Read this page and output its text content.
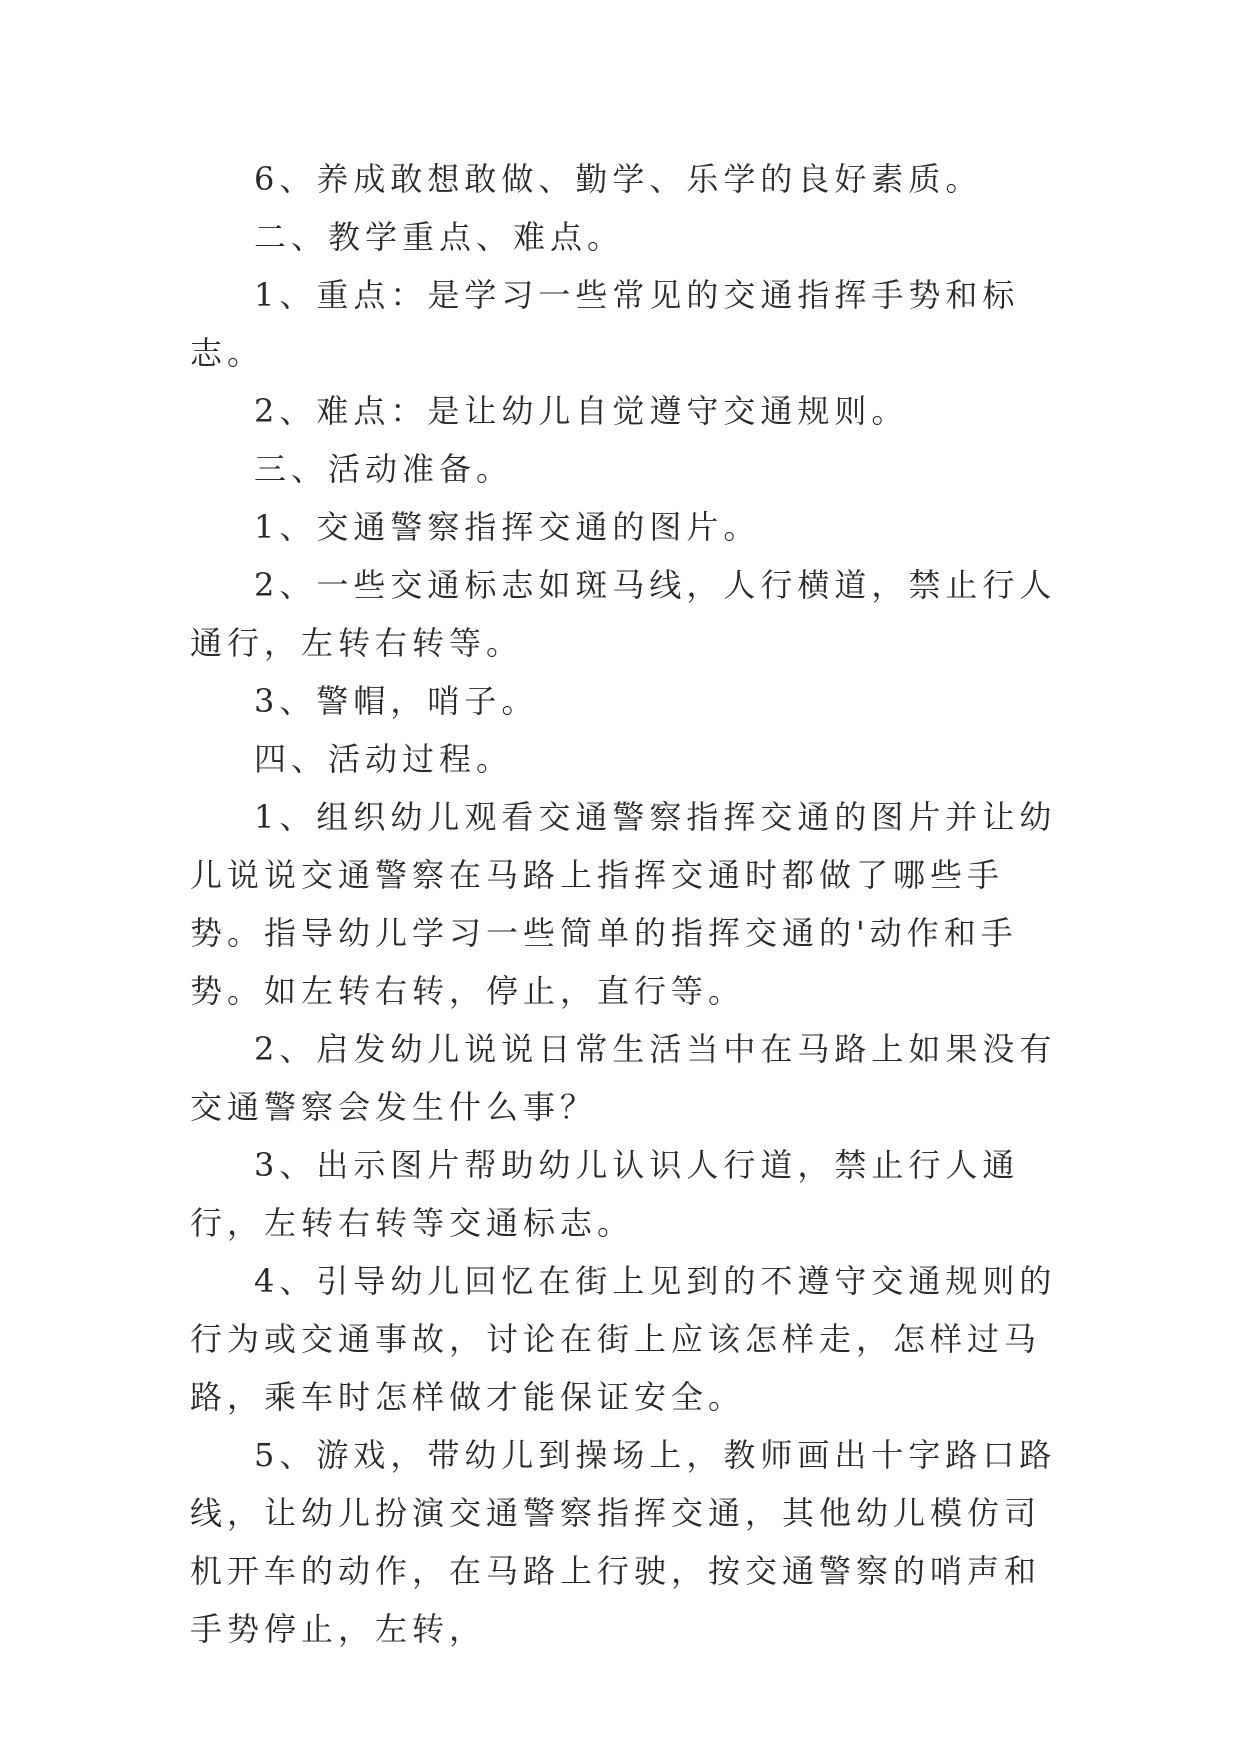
6、养成敢想敢做、勤学、乐学的良好素质。

二、教学重点、难点。

1、重点：是学习一些常见的交通指挥手势和标志。

2、难点：是让幼儿自觉遵守交通规则。

三、活动准备。

1、交通警察指挥交通的图片。

2、一些交通标志如斑马线，人行横道，禁止行人通行，左转右转等。

3、警帽，哨子。

四、活动过程。

1、组织幼儿观看交通警察指挥交通的图片并让幼儿说说交通警察在马路上指挥交通时都做了哪些手势。指导幼儿学习一些简单的指挥交通的'动作和手势。如左转右转，停止，直行等。

2、启发幼儿说说日常生活当中在马路上如果没有交通警察会发生什么事？

3、出示图片帮助幼儿认识人行道，禁止行人通行，左转右转等交通标志。

4、引导幼儿回忆在街上见到的不遵守交通规则的行为或交通事故，讨论在街上应该怎样走，怎样过马路，乘车时怎样做才能保证安全。

5、游戏，带幼儿到操场上，教师画出十字路口路线，让幼儿扮演交通警察指挥交通，其他幼儿模仿司机开车的动作，在马路上行驶，按交通警察的哨声和手势停止，左转，
